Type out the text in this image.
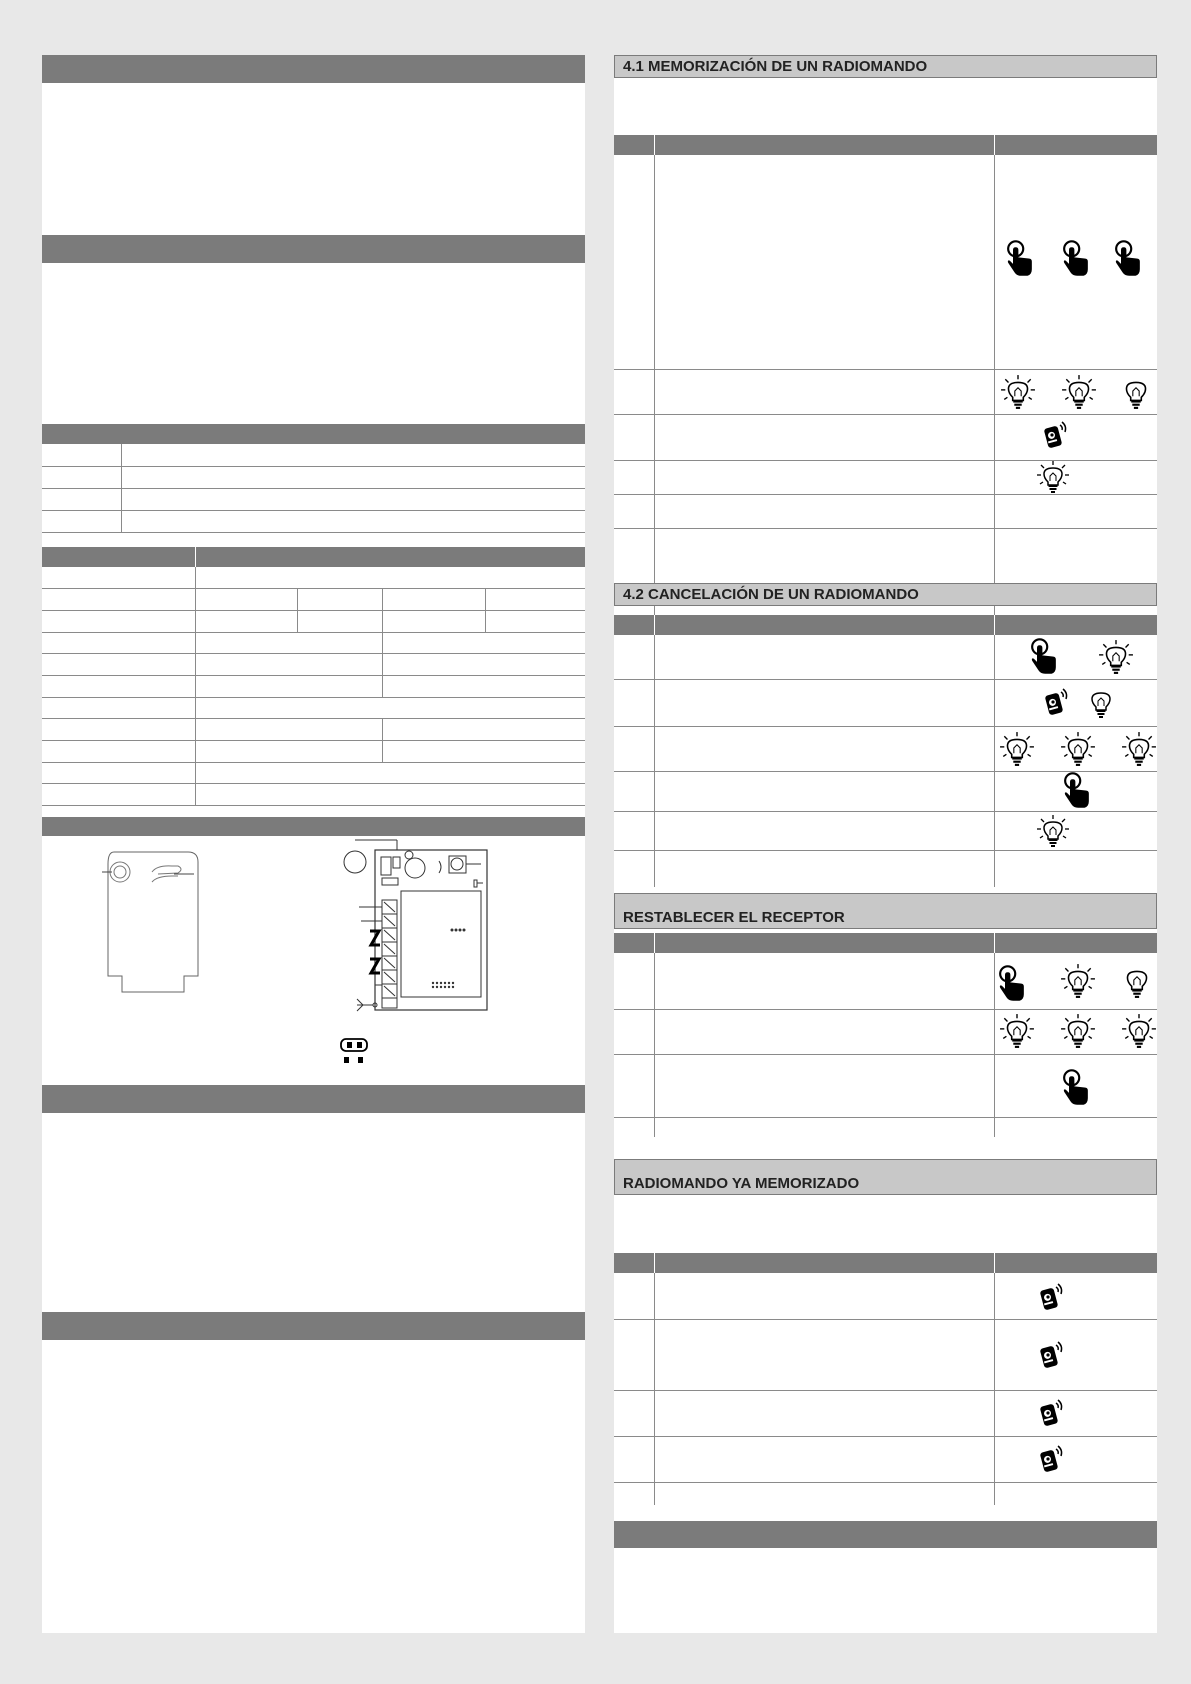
4.1 MEMORIZACIÓN DE UN RADIOMANDO
4.2 CANCELACIÓN DE UN RADIOMANDO
RESTABLECER EL RECEPTOR
RADIOMANDO YA MEMORIZADO
